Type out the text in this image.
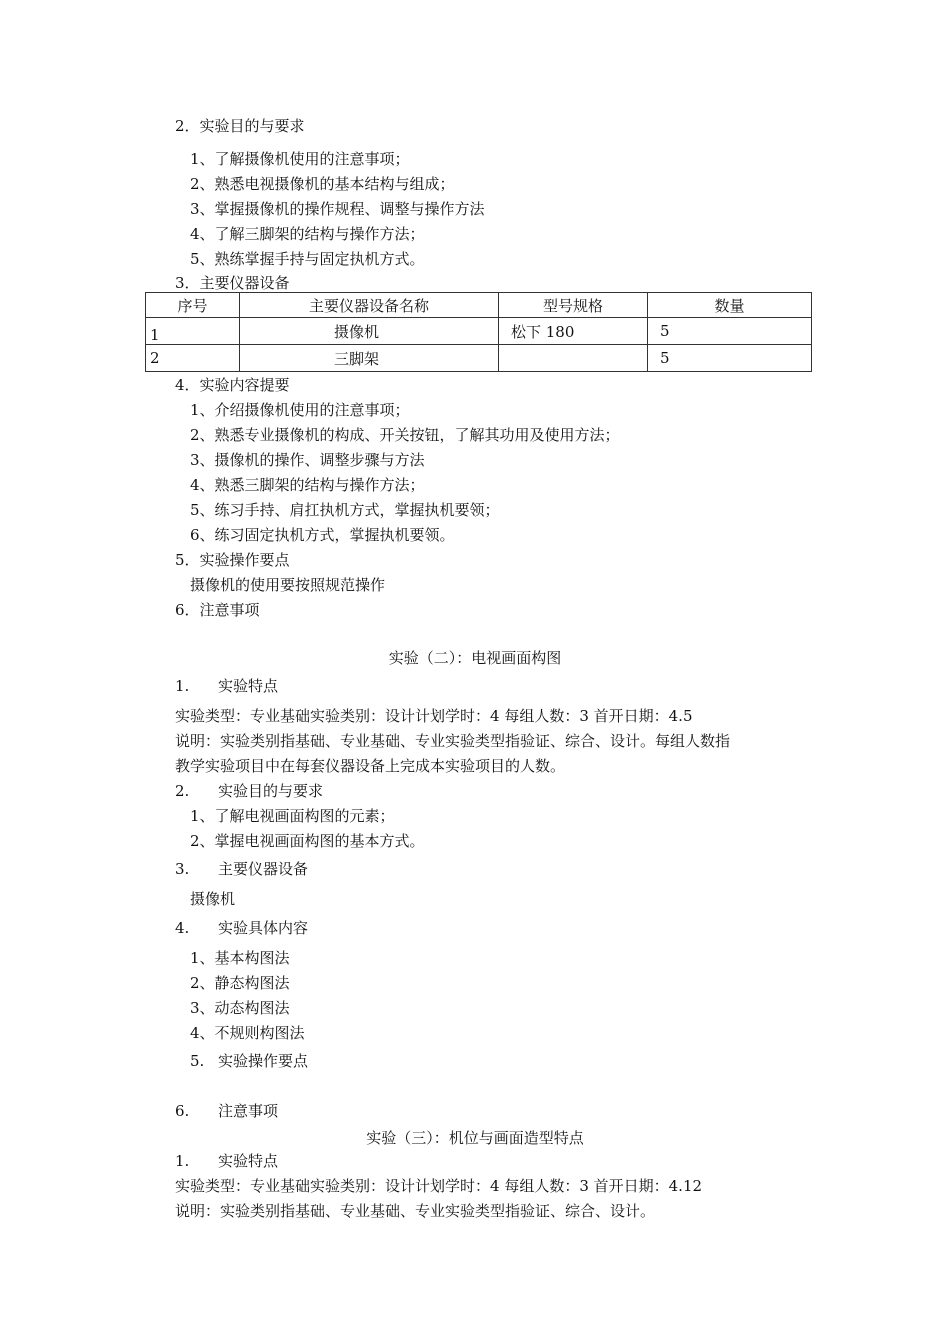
2．实验目的与要求
1、了解摄像机使用的注意事项；
2、熟悉电视摄像机的基本结构与组成；
3、掌握摄像机的操作规程、调整与操作方法
4、了解三脚架的结构与操作方法；
5、熟练掌握手持与固定执机方式。
3．主要仪器设备
序号	主要仪器设备名称	型号规格	数量
1	摄像机	松下 180	5
2	三脚架		5
4．实验内容提要
1、介绍摄像机使用的注意事项；
2、熟悉专业摄像机的构成、开关按钮，了解其功用及使用方法；
3、摄像机的操作、调整步骤与方法
4、熟悉三脚架的结构与操作方法；
5、练习手持、肩扛执机方式，掌握执机要领；
6、练习固定执机方式，掌握执机要领。
5．实验操作要点
摄像机的使用要按照规范操作
6．注意事项
实验（二）：电视画面构图
1. 实验特点
实验类型：专业基础实验类别：设计计划学时：4 每组人数：3 首开日期：4.5
说明：实验类别指基础、专业基础、专业实验类型指验证、综合、设计。每组人数指
教学实验项目中在每套仪器设备上完成本实验项目的人数。
2. 实验目的与要求
1、了解电视画面构图的元素；
2、掌握电视画面构图的基本方式。
3. 主要仪器设备
摄像机
4. 实验具体内容
1、基本构图法
2、静态构图法
3、动态构图法
4、不规则构图法
5. 实验操作要点
6. 注意事项
实验（三）：机位与画面造型特点
1. 实验特点
实验类型：专业基础实验类别：设计计划学时：4 每组人数：3 首开日期：4.12
说明：实验类别指基础、专业基础、专业实验类型指验证、综合、设计。
